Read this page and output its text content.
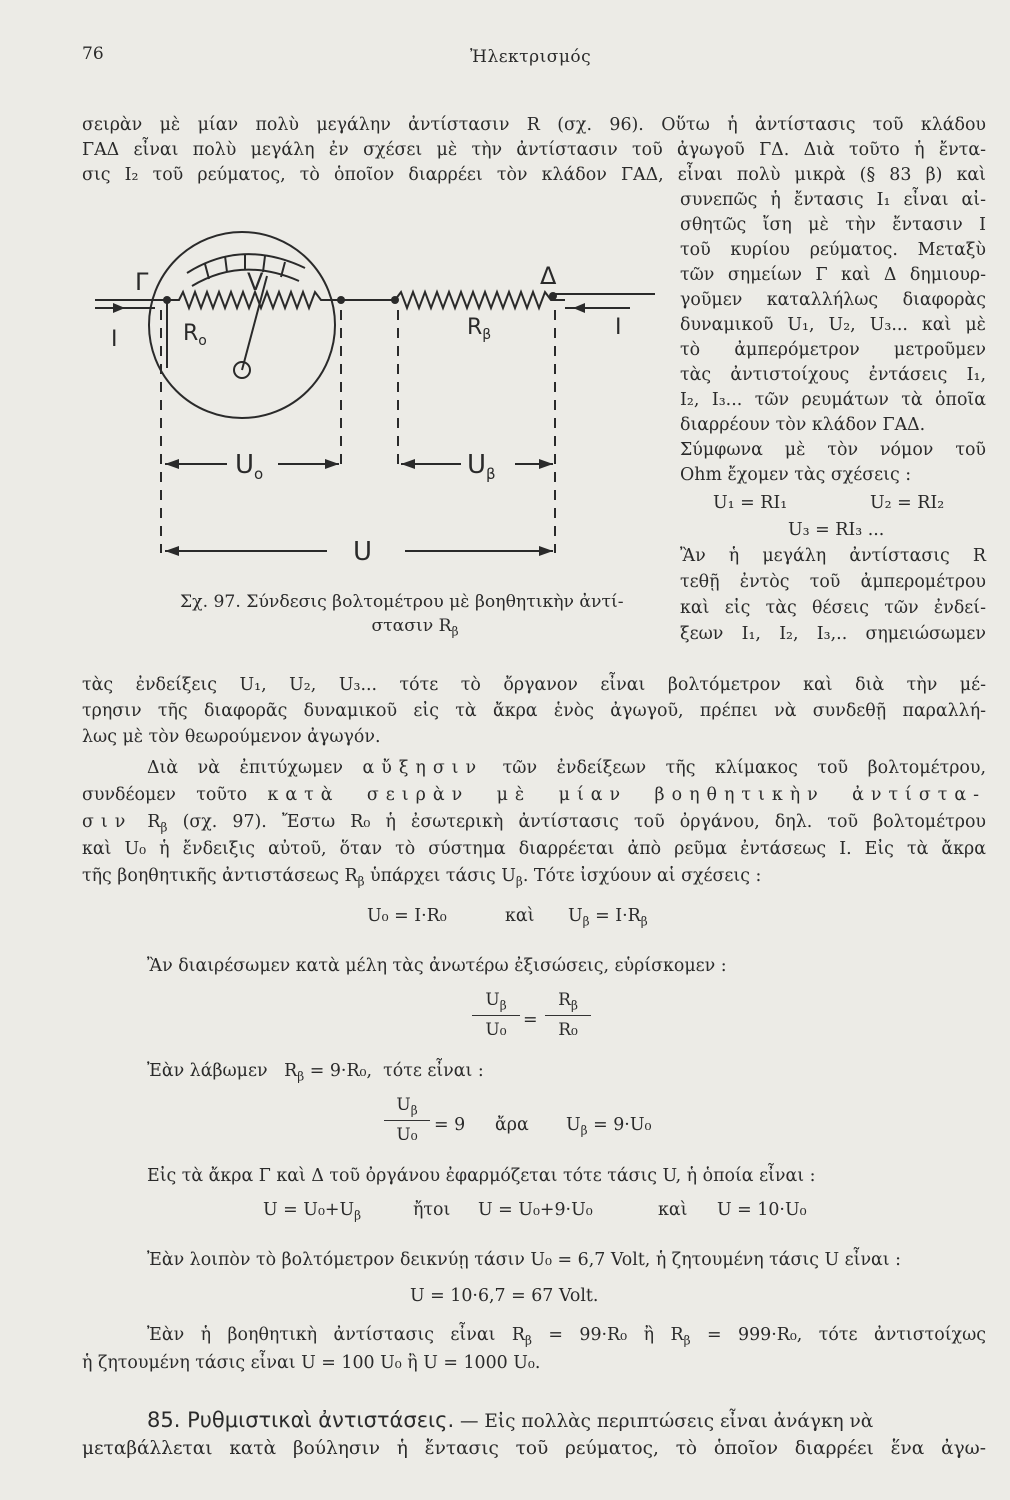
76	Ἠλεκτρισμός
σειρὰν μὲ μίαν πολὺ μεγάλην ἀντίστασιν R (σχ. 96). Οὕτω ἡ ἀντίστασις τοῦ κλάδου
ΓΑΔ εἶναι πολὺ μεγάλη ἐν σχέσει μὲ τὴν ἀντίστασιν τοῦ ἀγωγοῦ ΓΔ. Διὰ τοῦτο ἡ ἔντα-
σις I₂ τοῦ ρεύματος, τὸ ὁποῖον διαρρέει τὸν κλάδον ΓΑΔ, εἶναι πολὺ μικρὰ (§ 83 β) καὶ
συνεπῶς ἡ ἔντασις I₁ εἶναι αἰ-
σθητῶς ἴση μὲ τὴν ἔντασιν I
τοῦ κυρίου ρεύματος. Μεταξὺ
τῶν σημείων Γ καὶ Δ δημιουρ-
γοῦμεν καταλλήλως διαφορὰς
δυναμικοῦ U₁, U₂, U₃... καὶ μὲ
τὸ ἀμπερόμετρον μετροῦμεν
τὰς ἀντιστοίχους ἐντάσεις I₁,
I₂, I₃... τῶν ρευμάτων τὰ ὁποῖα
διαρρέουν τὸν κλάδον ΓΑΔ.
Σύμφωνα μὲ τὸν νόμον τοῦ
Ohm ἔχομεν τὰς σχέσεις :
U₁ = RI₁	U₂ = RI₂
U₃ = RI₃ ...
Ἂν ἡ μεγάλη ἀντίστασις R
τεθῇ ἐντὸς τοῦ ἀμπερομέτρου
καὶ εἰς τὰς θέσεις τῶν ἐνδεί-
ξεων I₁, I₂, I₃,.. σημειώσωμεν
Γ	Δ
I	I
V
$R_o$
$R_\beta$
$U_o$	$U_\beta$
U
Σχ. 97. Σύνδεσις βολτομέτρου μὲ βοηθητικὴν ἀντί-
στασιν $R_\beta$
τὰς ἐνδείξεις U₁, U₂, U₃... τότε τὸ ὄργανον εἶναι βολτόμετρον καὶ διὰ τὴν μέ-
τρησιν τῆς διαφορᾶς δυναμικοῦ εἰς τὰ ἄκρα ἑνὸς ἀγωγοῦ, πρέπει νὰ συνδεθῇ παραλλή-
λως μὲ τὸν θεωρούμενον ἀγωγόν.
Διὰ νὰ ἐπιτύχωμεν αὔξησιν τῶν ἐνδείξεων τῆς κλίμακος τοῦ βολτομέτρου,
συνδέομεν τοῦτο κατὰ σειρὰν μὲ μίαν βοηθητικὴν ἀντίστα-
σιν $R_\beta$ (σχ. 97). Ἔστω R₀ ἡ ἐσωτερικὴ ἀντίστασις τοῦ ὀργάνου, δηλ. τοῦ βολτομέτρου
καὶ U₀ ἡ ἔνδειξις αὐτοῦ, ὅταν τὸ σύστημα διαρρέεται ἀπὸ ρεῦμα ἐντάσεως I. Εἰς τὰ ἄκρα
τῆς βοηθητικῆς ἀντιστάσεως $R_\beta$ ὑπάρχει τάσις $U_\beta$. Τότε ἰσχύουν αἱ σχέσεις :
U₀ = I·R₀	καὶ $U_\beta = I\cdot R_\beta$
Ἂν διαιρέσωμεν κατὰ μέλη τὰς ἀνωτέρω ἐξισώσεις, εὑρίσκομεν :
$\frac{U_\beta}{\text{U₀}} = \frac{R_\beta}{\text{R₀}}$
Ἐὰν λάβωμεν $R_\beta = 9\cdot R_0$, τότε εἶναι :
$\frac{U_\beta}{\text{U₀}} = 9$ ἄρα $U_\beta = 9\cdot U_0$
Εἰς τὰ ἄκρα Γ καὶ Δ τοῦ ὀργάνου ἐφαρμόζεται τότε τάσις U, ἡ ὁποία εἶναι :
$U = U_0+U_\beta$	ἤτοι U = U₀+9·U₀	καὶ U = 10·U₀
Ἐὰν λοιπὸν τὸ βολτόμετρον δεικνύῃ τάσιν U₀ = 6,7 Volt, ἡ ζητουμένη τάσις U εἶναι :
U = 10·6,7 = 67 Volt.
Ἐὰν ἡ βοηθητικὴ ἀντίστασις εἶναι $R_\beta = 99\cdot R_0$ ἢ $R_\beta = 999\cdot R_0$, τότε ἀντιστοίχως
ἡ ζητουμένη τάσις εἶναι U = 100 U₀ ἢ U = 1000 U₀.
85. Ρυθμιστικαὶ ἀντιστάσεις. — Εἰς πολλὰς περιπτώσεις εἶναι ἀνάγκη νὰ
μεταβάλλεται κατὰ βούλησιν ἡ ἔντασις τοῦ ρεύματος, τὸ ὁποῖον διαρρέει ἕνα ἀγω-
